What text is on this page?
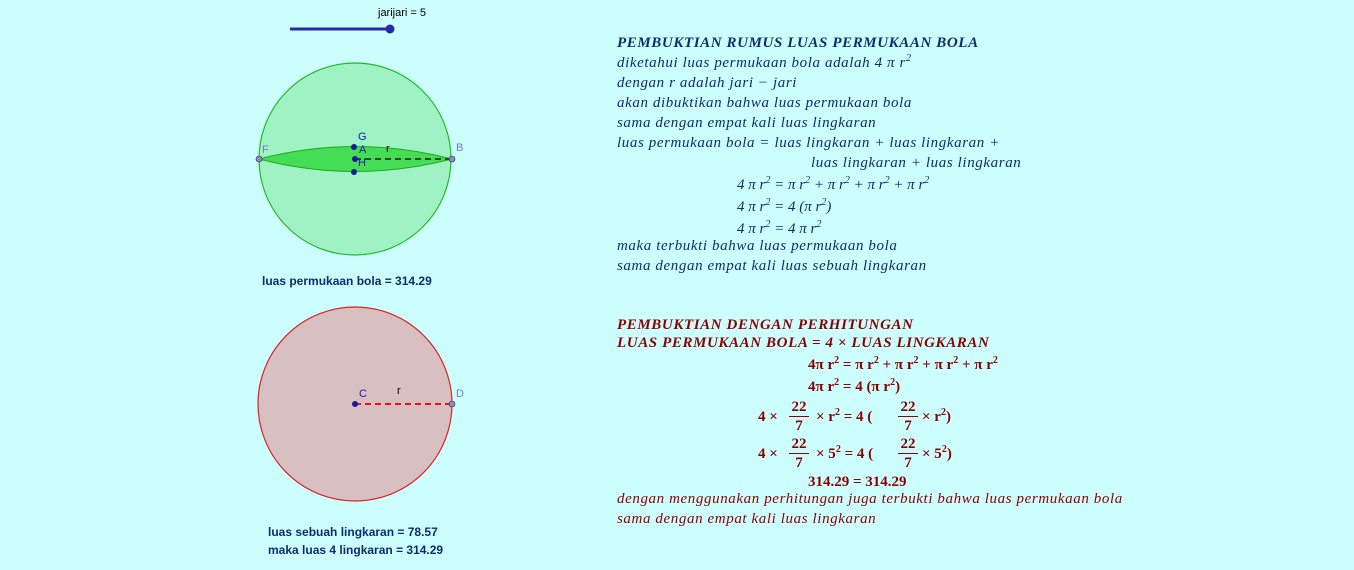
jarijari = 5
r
F	B
G
A
H
r
C	D
luas permukaan bola = 314.29
luas sebuah lingkaran = 78.57
maka luas 4 lingkaran = 314.29
PEMBUKTIAN RUMUS LUAS PERMUKAAN BOLA
diketahui luas permukaan bola adalah 4 π $r^2$
dengan r adalah jari − jari
akan dibuktikan bahwa luas permukaan bola
sama dengan empat kali luas lingkaran
luas permukaan bola = luas lingkaran + luas lingkaran +
luas lingkaran + luas lingkaran
4 π $r^2 = \pi$ $r^2 + \pi$ $r^2 + \pi$ $r^2 + \pi$ $r^2$
4 π $r^2 = 4$ (π $r^2$)
4 π $r^2 = 4$ π $r^2$
maka terbukti bahwa luas permukaan bola
sama dengan empat kali luas sebuah lingkaran
PEMBUKTIAN DENGAN PERHITUNGAN
LUAS PERMUKAAN BOLA = 4 × LUAS LINGKARAN
4π $r^2 = \pi$ $r^2 + \pi$ $r^2 + \pi$ $r^2 + \pi$ $r^2$
4π $r^2 = 4$ (π $r^2$)
4 ×
22
7
× $r^2 = 4$ (
22
7
× $r^2$)
4 ×
22
7
× $5^2 = 4$ (
22
7
× $5^2$)
314.29 = 314.29
dengan menggunakan perhitungan juga terbukti bahwa luas permukaan bola
sama dengan empat kali luas lingkaran
